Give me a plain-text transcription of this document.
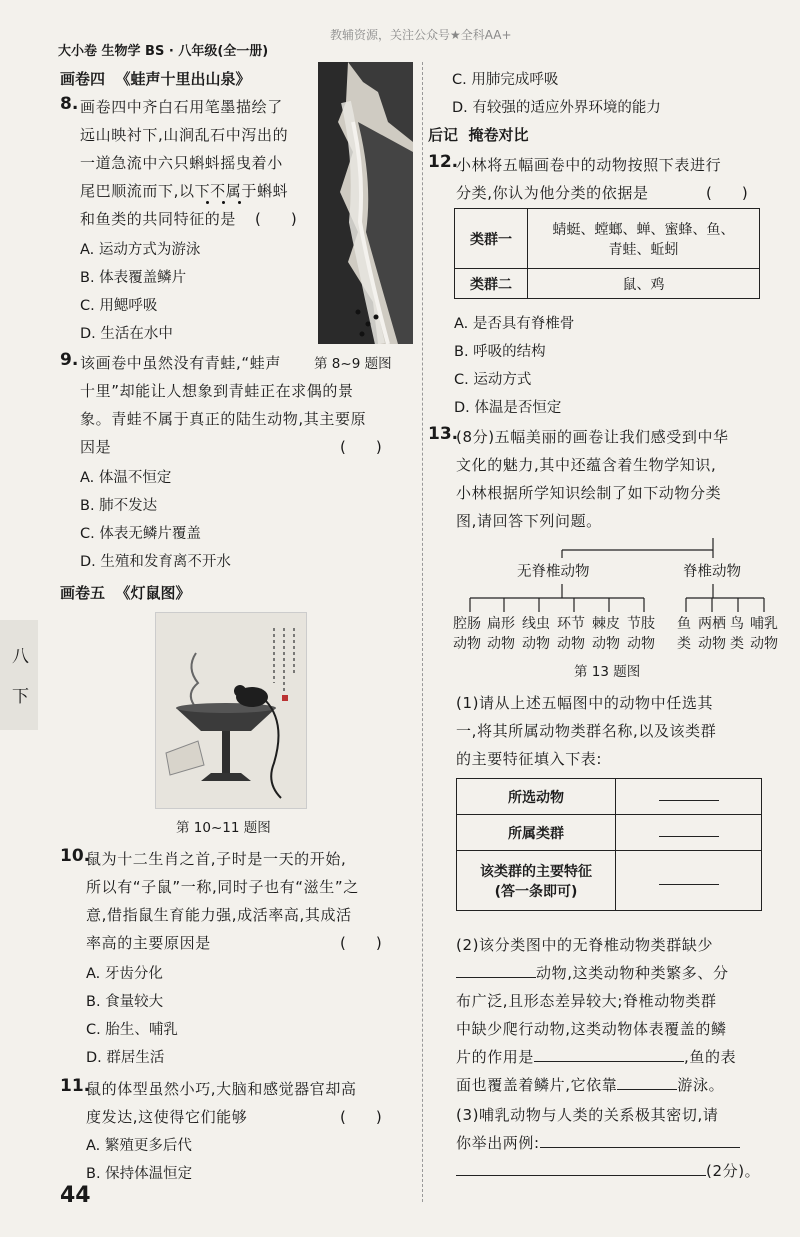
大小卷 生物学 BS · 八年级(全一册)
教辅资源，关注公众号★全科AA+
画卷四 《蛙声十里出山泉》
8. 画卷四中齐白石用笔墨描绘了
远山映衬下,山涧乱石中泻出的
一道急流中六只蝌蚪摇曳着小
尾巴顺流而下,以下不属于蝌蚪
和鱼类的共同特征的是 (　　)
A. 运动方式为游泳
B. 体表覆盖鳞片
C. 用鳃呼吸
D. 生活在水中
第 8~9 题图
9. 该画卷中虽然没有青蛙,“蛙声
十里”却能让人想象到青蛙正在求偶的景
象。青蛙不属于真正的陆生动物,其主要原
因是	(　　)
A. 体温不恒定
B. 肺不发达
C. 体表无鳞片覆盖
D. 生殖和发育离不开水
画卷五 《灯鼠图》
第 10~11 题图
10.
鼠为十二生肖之首,子时是一天的开始,
所以有“子鼠”一称,同时子也有“滋生”之
意,借指鼠生育能力强,成活率高,其成活
率高的主要原因是	(　　)
A. 牙齿分化
B. 食量较大
C. 胎生、哺乳
D. 群居生活
11.
鼠的体型虽然小巧,大脑和感觉器官却高
度发达,这使得它们能够	(　　)
A. 繁殖更多后代
B. 保持体温恒定
八
下
44
C. 用肺完成呼吸
D. 有较强的适应外界环境的能力
后记 掩卷对比
12.
小林将五幅画卷中的动物按照下表进行
分类,你认为他分类的依据是	(　　)
类群一	蜻蜓、螳螂、蝉、蜜蜂、鱼、
青蛙、蚯蚓

类群二	鼠、鸡
A. 是否具有脊椎骨
B. 呼吸的结构
C. 运动方式
D. 体温是否恒定
13.
(8分)五幅美丽的画卷让我们感受到中华
文化的魅力,其中还蕴含着生物学知识,
小林根据所学知识绘制了如下动物分类
图,请回答下列问题。
无脊椎动物	脊椎动物
腔肠
动物
扁形
动物
线虫
动物
环节
动物
棘皮
动物
节肢
动物
鱼
类
两栖
动物
鸟
类
哺乳
动物
第 13 题图
(1)请从上述五幅图中的动物中任选其
一,将其所属动物类群名称,以及该类群
的主要特征填入下表:
所选动物	
所属类群	

该类群的主要特征
(答一条即可)	

(2)该分类图中的无脊椎动物类群缺少
动物,这类动物种类繁多、分
布广泛,且形态差异较大;脊椎动物类群
中缺少爬行动物,这类动物体表覆盖的鳞
片的作用是	,鱼的表
面也覆盖着鳞片,它依靠	游泳。
(3)哺乳动物与人类的关系极其密切,请
你举出两例:
(2分)。
